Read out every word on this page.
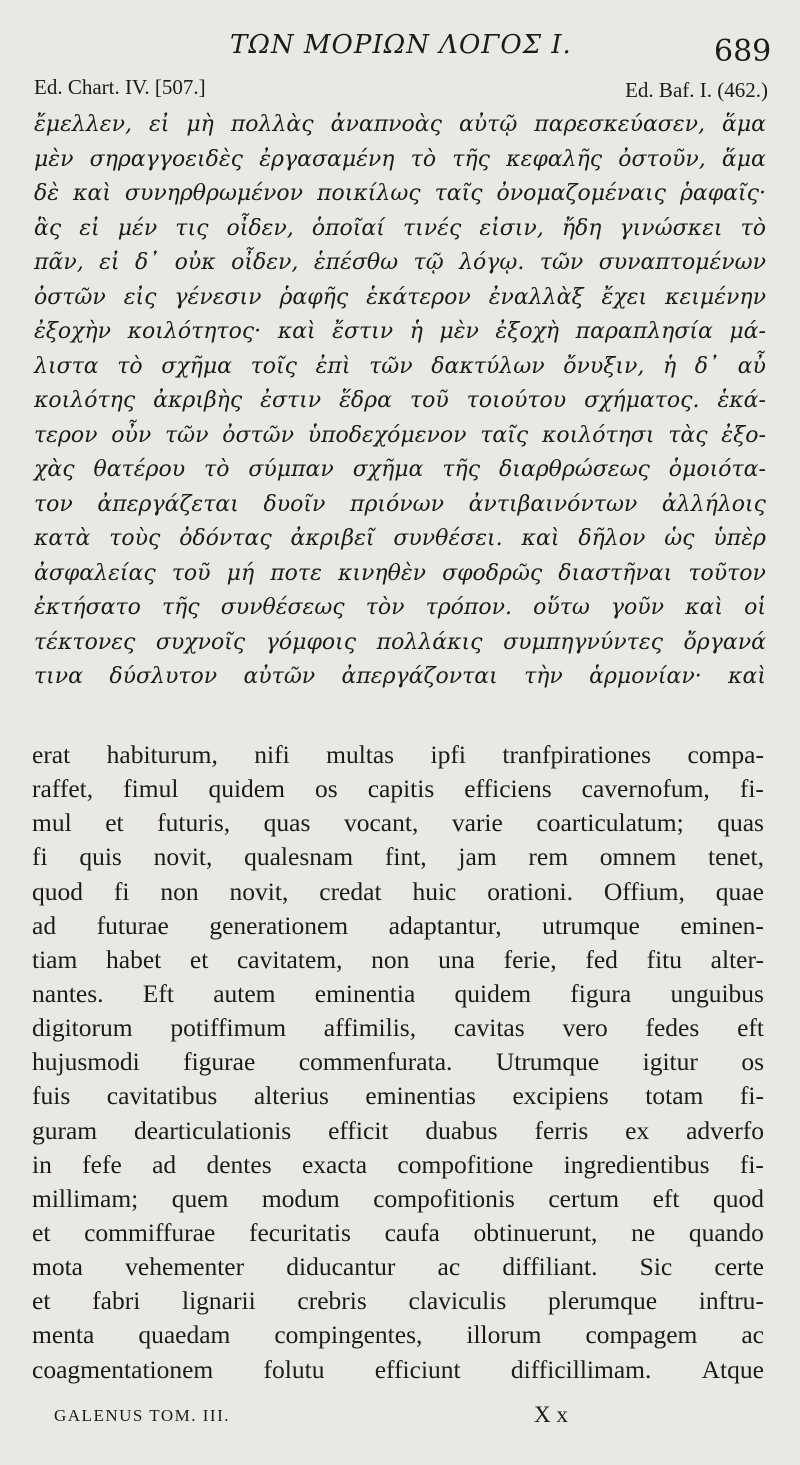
ΤΩΝ ΜΟΡΙΩΝ ΛΟΓΟΣ Ι.	689
Ed. Chart. IV. [507.]	Ed. Baf. I. (462.)
ἔμελλεν, εἰ μὴ πολλὰς ἀναπνοὰς αὐτῷ παρεσκεύασεν, ἅμα
μὲν σηραγγοειδὲς ἐργασαμένη τὸ τῆς κεφαλῆς ὀστοῦν, ἅμα
δὲ καὶ συνηρθρωμένον ποικίλως ταῖς ὀνομαζομέναις ῥαφαῖς·
ἃς εἰ μέν τις οἶδεν, ὁποῖαί τινές εἰσιν, ἤδη γινώσκει τὸ
πᾶν, εἰ δ᾽ οὐκ οἶδεν, ἑπέσθω τῷ λόγῳ. τῶν συναπτομένων
ὀστῶν εἰς γένεσιν ῥαφῆς ἑκάτερον ἐναλλὰξ ἔχει κειμένην
ἐξοχὴν κοιλότητος· καὶ ἔστιν ἡ μὲν ἐξοχὴ παραπλησία μά-
λιστα τὸ σχῆμα τοῖς ἐπὶ τῶν δακτύλων ὄνυξιν, ἡ δ᾽ αὖ
κοιλότης ἀκριβὴς ἐστιν ἕδρα τοῦ τοιούτου σχήματος. ἑκά-
τερον οὖν τῶν ὀστῶν ὑποδεχόμενον ταῖς κοιλότησι τὰς ἐξο-
χὰς θατέρου τὸ σύμπαν σχῆμα τῆς διαρθρώσεως ὁμοιότα-
τον ἀπεργάζεται δυοῖν πριόνων ἀντιβαινόντων ἀλλήλοις
κατὰ τοὺς ὀδόντας ἀκριβεῖ συνθέσει. καὶ δῆλον ὡς ὑπὲρ
ἀσφαλείας τοῦ μή ποτε κινηθὲν σφοδρῶς διαστῆναι τοῦτον
ἐκτήσατο τῆς συνθέσεως τὸν τρόπον. οὕτω γοῦν καὶ οἱ
τέκτονες συχνοῖς γόμφοις πολλάκις συμπηγνύντες ὄργανά
τινα δύσλυτον αὐτῶν ἀπεργάζονται τὴν ἁρμονίαν· καὶ
erat habiturum, nifi multas ipfi tranfpirationes compa-
raffet, fimul quidem os capitis efficiens cavernofum, fi-
mul et futuris, quas vocant, varie coarticulatum; quas
fi quis novit, qualesnam fint, jam rem omnem tenet,
quod fi non novit, credat huic orationi. Offium, quae
ad futurae generationem adaptantur, utrumque eminen-
tiam habet et cavitatem, non una ferie, fed fitu alter-
nantes. Eft autem eminentia quidem figura unguibus
digitorum potiffimum affimilis, cavitas vero fedes eft
hujusmodi figurae commenfurata. Utrumque igitur os
fuis cavitatibus alterius eminentias excipiens totam fi-
guram dearticulationis efficit duabus ferris ex adverfo
in fefe ad dentes exacta compofitione ingredientibus fi-
millimam; quem modum compofitionis certum eft quod
et commiffurae fecuritatis caufa obtinuerunt, ne quando
mota vehementer diducantur ac diffiliant. Sic certe
et fabri lignarii crebris claviculis plerumque inftru-
menta quaedam compingentes, illorum compagem ac
coagmentationem folutu efficiunt difficillimam. Atque
GALENUS TOM. III.	X x
